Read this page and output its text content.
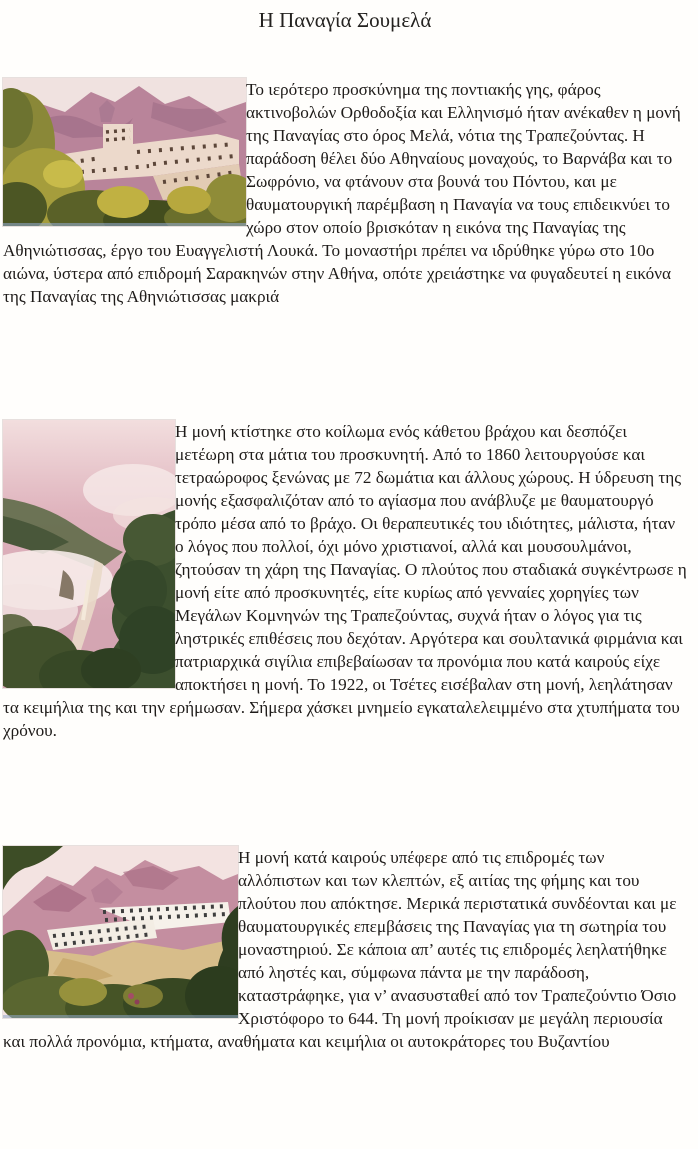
Η Παναγία Σουμελά

Το ιερότερο προσκύνημα της ποντιακής γης, φάρος ακτινοβολών Ορθοδοξία και Ελληνισμό ήταν ανέκαθεν η μονή της Παναγίας στο όρος Μελά, νότια της Τραπεζούντας. Η παράδοση θέλει δύο Αθηναίους μοναχούς, το Βαρνάβα και το Σωφρόνιο, να φτάνουν στα βουνά του Πόντου, και με θαυματουργική παρέμβαση η Παναγία να τους επιδεικνύει το χώρο στον οποίο βρισκόταν η εικόνα της Παναγίας της Αθηνιώτισσας, έργο του Ευαγγελιστή Λουκά. Το μοναστήρι πρέπει να ιδρύθηκε γύρω στο 10ο αιώνα, ύστερα από επιδρομή Σαρακηνών στην Αθήνα, οπότε χρειάστηκε να φυγαδευτεί η εικόνα της Παναγίας της Αθηνιώτισσας μακριά

Η μονή κτίστηκε στο κοίλωμα ενός κάθετου βράχου και δεσπόζει μετέωρη στα μάτια του προσκυνητή. Από το 1860 λειτουργούσε και τετραώροφος ξενώνας με 72 δωμάτια και άλλους χώρους. Η ύδρευση της μονής εξασφαλιζόταν από το αγίασμα που ανάβλυζε με θαυματουργό τρόπο μέσα από το βράχο. Οι θεραπευτικές του ιδιότητες, μάλιστα, ήταν ο λόγος που πολλοί, όχι μόνο χριστιανοί, αλλά και μουσουλμάνοι, ζητούσαν τη χάρη της Παναγίας. Ο πλούτος που σταδιακά συγκέντρωσε η μονή είτε από προσκυνητές, είτε κυρίως από γενναίες χορηγίες των Μεγάλων Κομνηνών της Τραπεζούντας, συχνά ήταν ο λόγος για τις ληστρικές επιθέσεις που δεχόταν. Αργότερα και σουλτανικά φιρμάνια και πατριαρχικά σιγίλια επιβεβαίωσαν τα προνόμια που κατά καιρούς είχε αποκτήσει η μονή. Το 1922, οι Τσέτες εισέβαλαν στη μονή, λεηλάτησαν τα κειμήλια της και την ερήμωσαν. Σήμερα χάσκει μνημείο εγκαταλελειμμένο στα χτυπήματα του χρόνου.

Η μονή κατά καιρούς υπέφερε από τις επιδρομές των αλλόπιστων και των κλεπτών, εξ αιτίας της φήμης και του πλούτου που απόκτησε. Μερικά περιστατικά συνδέονται και με θαυματουργικές επεμβάσεις της Παναγίας για τη σωτηρία του μοναστηριού. Σε κάποια απ’ αυτές τις επιδρομές λεηλατήθηκε από ληστές και, σύμφωνα πάντα με την παράδοση, καταστράφηκε, για ν’ ανασυσταθεί από τον Τραπεζούντιο Όσιο Χριστόφορο το 644. Τη μονή προίκισαν με μεγάλη περιουσία και πολλά προνόμια, κτήματα, αναθήματα και κειμήλια οι αυτοκράτορες του Βυζαντίου
